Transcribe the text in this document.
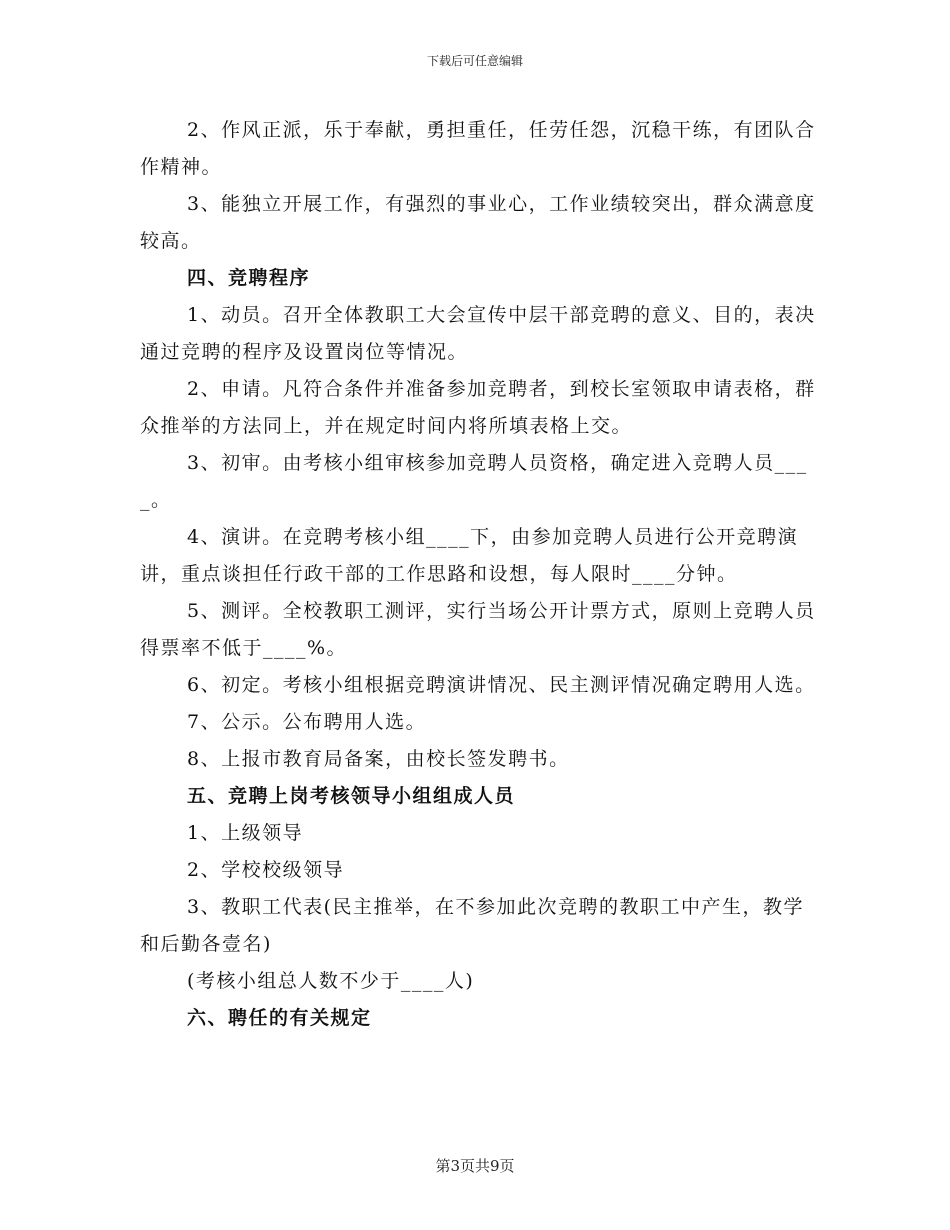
下载后可任意编辑

2、作风正派，乐于奉献，勇担重任，任劳任怨，沉稳干练，有团队合作精神。

3、能独立开展工作，有强烈的事业心，工作业绩较突出，群众满意度较高。

四、竞聘程序

1、动员。召开全体教职工大会宣传中层干部竞聘的意义、目的，表决通过竞聘的程序及设置岗位等情况。

2、申请。凡符合条件并准备参加竞聘者，到校长室领取申请表格，群众推举的方法同上，并在规定时间内将所填表格上交。

3、初审。由考核小组审核参加竞聘人员资格，确定进入竞聘人员____。

4、演讲。在竞聘考核小组____下，由参加竞聘人员进行公开竞聘演讲，重点谈担任行政干部的工作思路和设想，每人限时____分钟。

5、测评。全校教职工测评，实行当场公开计票方式，原则上竞聘人员得票率不低于____%。

6、初定。考核小组根据竞聘演讲情况、民主测评情况确定聘用人选。

7、公示。公布聘用人选。

8、上报市教育局备案，由校长签发聘书。

五、竞聘上岗考核领导小组组成人员

1、上级领导

2、学校校级领导

3、教职工代表(民主推举，在不参加此次竞聘的教职工中产生，教学和后勤各壹名)

(考核小组总人数不少于____人)

六、聘任的有关规定

第3页共9页
